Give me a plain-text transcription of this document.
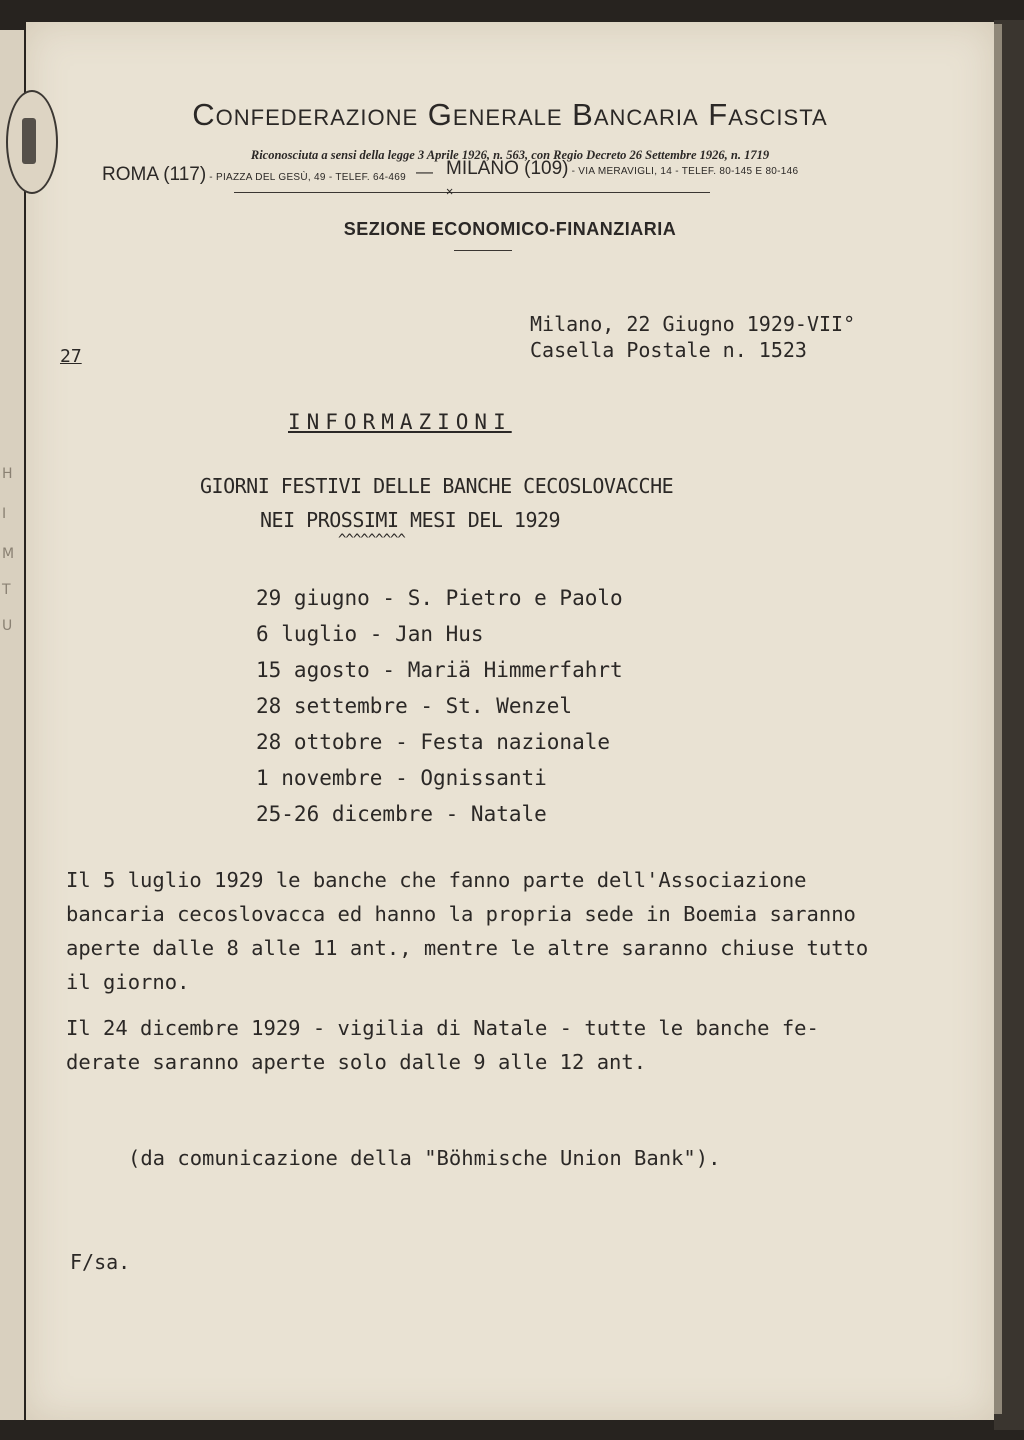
H
I
M
T
U
Confederazione Generale Bancaria Fascista
Riconosciuta a sensi della legge 3 Aprile 1926, n. 563, con Regio Decreto 26 Settembre 1926, n. 1719
ROMA (117) - PIAZZA DEL GESÙ, 49 - TELEF. 64-469 — MILANO (109) - VIA MERAVIGLI, 14 - TELEF. 80-145 E 80-146
✕
SEZIONE ECONOMICO-FINANZIARIA
Milano, 22 Giugno 1929-VII°
Casella Postale n. 1523
27
INFORMAZIONI
GIORNI FESTIVI DELLE BANCHE CECOSLOVACCHE
NEI PROSSIMI MESI DEL 1929
^^^^^^^^^
29 giugno - S. Pietro e Paolo
6 luglio - Jan Hus
15 agosto - Mariä Himmerfahrt
28 settembre - St. Wenzel
28 ottobre - Festa nazionale
1 novembre - Ognissanti
25-26 dicembre - Natale
Il 5 luglio 1929 le banche che fanno parte dell'Associazione
bancaria cecoslovacca ed hanno la propria sede in Boemia saranno
aperte dalle 8 alle 11 ant., mentre le altre saranno chiuse tutto
il giorno.
Il 24 dicembre 1929 - vigilia di Natale - tutte le banche fe-
derate saranno aperte solo dalle 9 alle 12 ant.
(da comunicazione della "Böhmische Union Bank").
F/sa.
